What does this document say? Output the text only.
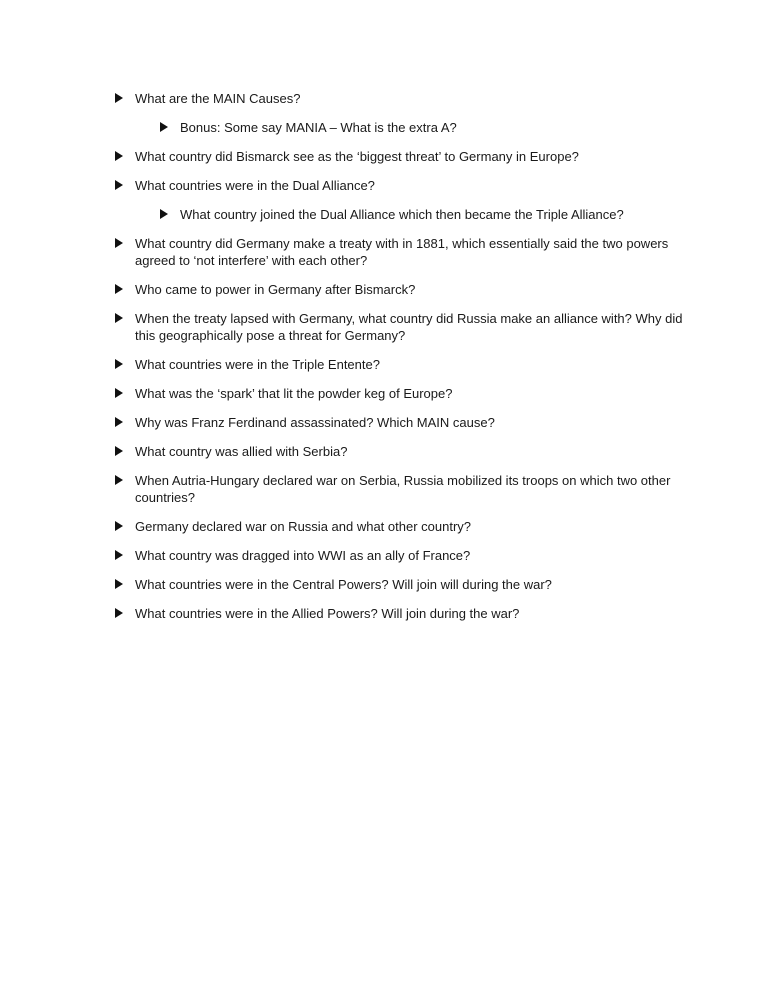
What are the MAIN Causes?
Bonus: Some say MANIA – What is the extra A?
What country did Bismarck see as the ‘biggest threat’ to Germany in Europe?
What countries were in the Dual Alliance?
What country joined the Dual Alliance which then became the Triple Alliance?
What country did Germany make a treaty with in 1881, which essentially said the two powers agreed to ‘not interfere’ with each other?
Who came to power in Germany after Bismarck?
When the treaty lapsed with Germany, what country did Russia make an alliance with? Why did this geographically pose a threat for Germany?
What countries were in the Triple Entente?
What was the ‘spark’ that lit the powder keg of Europe?
Why was Franz Ferdinand assassinated? Which MAIN cause?
What country was allied with Serbia?
When Autria-Hungary declared war on Serbia, Russia mobilized its troops on which two other countries?
Germany declared war on Russia and what other country?
What country was dragged into WWI as an ally of France?
What countries were in the Central Powers? Will join will during the war?
What countries were in the Allied Powers? Will join during the war?
